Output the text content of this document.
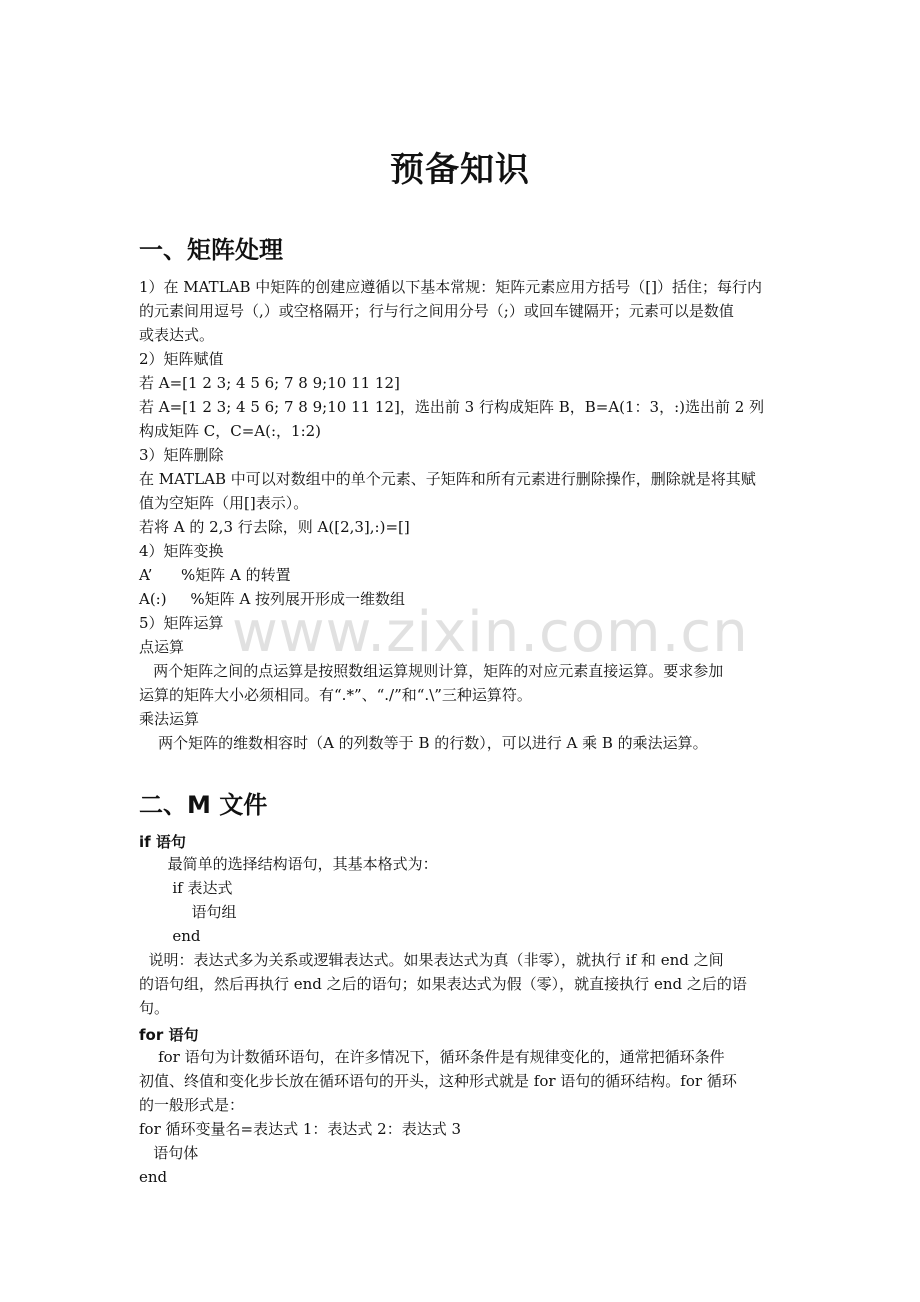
预备知识
一、矩阵处理
1）在 MATLAB 中矩阵的创建应遵循以下基本常规：矩阵元素应用方括号（[]）括住；每行内
的元素间用逗号（,）或空格隔开；行与行之间用分号（;）或回车键隔开；元素可以是数值
或表达式。
2）矩阵赋值
若 A=[1 2 3; 4 5 6; 7 8 9;10 11 12]
若 A=[1 2 3; 4 5 6; 7 8 9;10 11 12]，选出前 3 行构成矩阵 B，B=A(1：3，:)选出前 2 列
构成矩阵 C，C=A(:，1:2)
3）矩阵删除
在 MATLAB 中可以对数组中的单个元素、子矩阵和所有元素进行删除操作，删除就是将其赋
值为空矩阵（用[]表示）。
若将 A 的 2,3 行去除，则 A([2,3],:)=[]
4）矩阵变换
A’      %矩阵 A 的转置
A(:)     %矩阵 A 按列展开形成一维数组
5）矩阵运算
点运算
两个矩阵之间的点运算是按照数组运算规则计算，矩阵的对应元素直接运算。要求参加
运算的矩阵大小必须相同。有“.*”、“./”和“.\”三种运算符。
乘法运算
两个矩阵的维数相容时（A 的列数等于 B 的行数），可以进行 A 乘 B 的乘法运算。
二、M 文件
if 语句
最简单的选择结构语句，其基本格式为：
if 表达式
语句组
end
说明：表达式多为关系或逻辑表达式。如果表达式为真（非零），就执行 if 和 end 之间
的语句组，然后再执行 end 之后的语句；如果表达式为假（零），就直接执行 end 之后的语
句。
for 语句
for 语句为计数循环语句，在许多情况下，循环条件是有规律变化的，通常把循环条件
初值、终值和变化步长放在循环语句的开头，这种形式就是 for 语句的循环结构。for 循环
的一般形式是：
for 循环变量名=表达式 1：表达式 2：表达式 3
语句体
end
www.zixin.com.cn
